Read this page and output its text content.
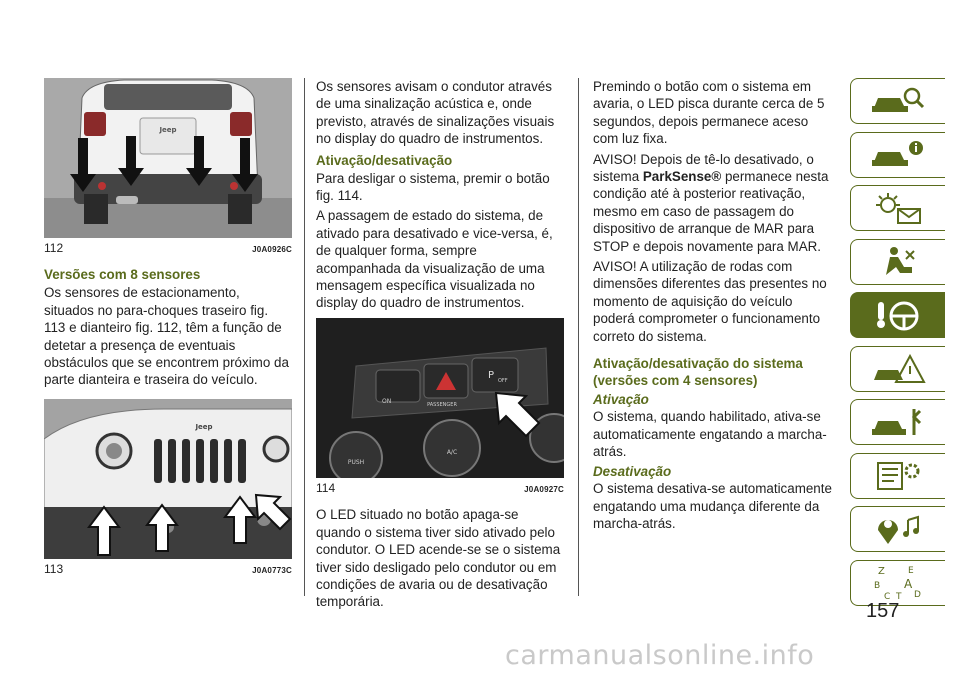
Jeep
112	J0A0926C
Versões com 8 sensores

Os sensores de estacionamento, situados no para-choques traseiro fig. 113 e dianteiro fig. 112, têm a função de detetar a presença de eventuais obstáculos que se encontrem próximo da parte dianteira e traseira do veículo.

Jeep
113	J0A0773C

Os sensores avisam o condutor através de uma sinalização acústica e, onde previsto, através de sinalizações visuais no display do quadro de instrumentos.

Ativação/desativação

Para desligar o sistema, premir o botão fig. 114.

A passagem de estado do sistema, de ativado para desativado e vice-versa, é, de qualquer forma, sempre acompanhada da visualização de uma mensagem específica visualizada no display do quadro de instrumentos.

ON	PASSENGER
P OFF
A/C
PUSH
114	J0A0927C

O LED situado no botão apaga-se quando o sistema tiver sido ativado pelo condutor. O LED acende-se se o sistema tiver sido desligado pelo condutor ou em condições de avaria ou de desativação temporária.

Premindo o botão com o sistema em avaria, o LED pisca durante cerca de 5 segundos, depois permanece aceso com luz fixa.

AVISO! Depois de tê-lo desativado, o sistema ParkSense® permanece nesta condição até à posterior reativação, mesmo em caso de passagem do dispositivo de arranque de MAR para STOP e depois novamente para MAR.

AVISO! A utilização de rodas com dimensões diferentes das presentes no momento de aquisição do veículo poderá comprometer o funcionamento correto do sistema.

Ativação/desativação do sistema (versões com 4 sensores)
Ativação

O sistema, quando habilitado, ativa-se automaticamente engatando a marcha-atrás.

Desativação

O sistema desativa-se automaticamente engatando uma mudança diferente da marcha-atrás.

Z	E
B A
C T D
157
carmanualsonline.info
